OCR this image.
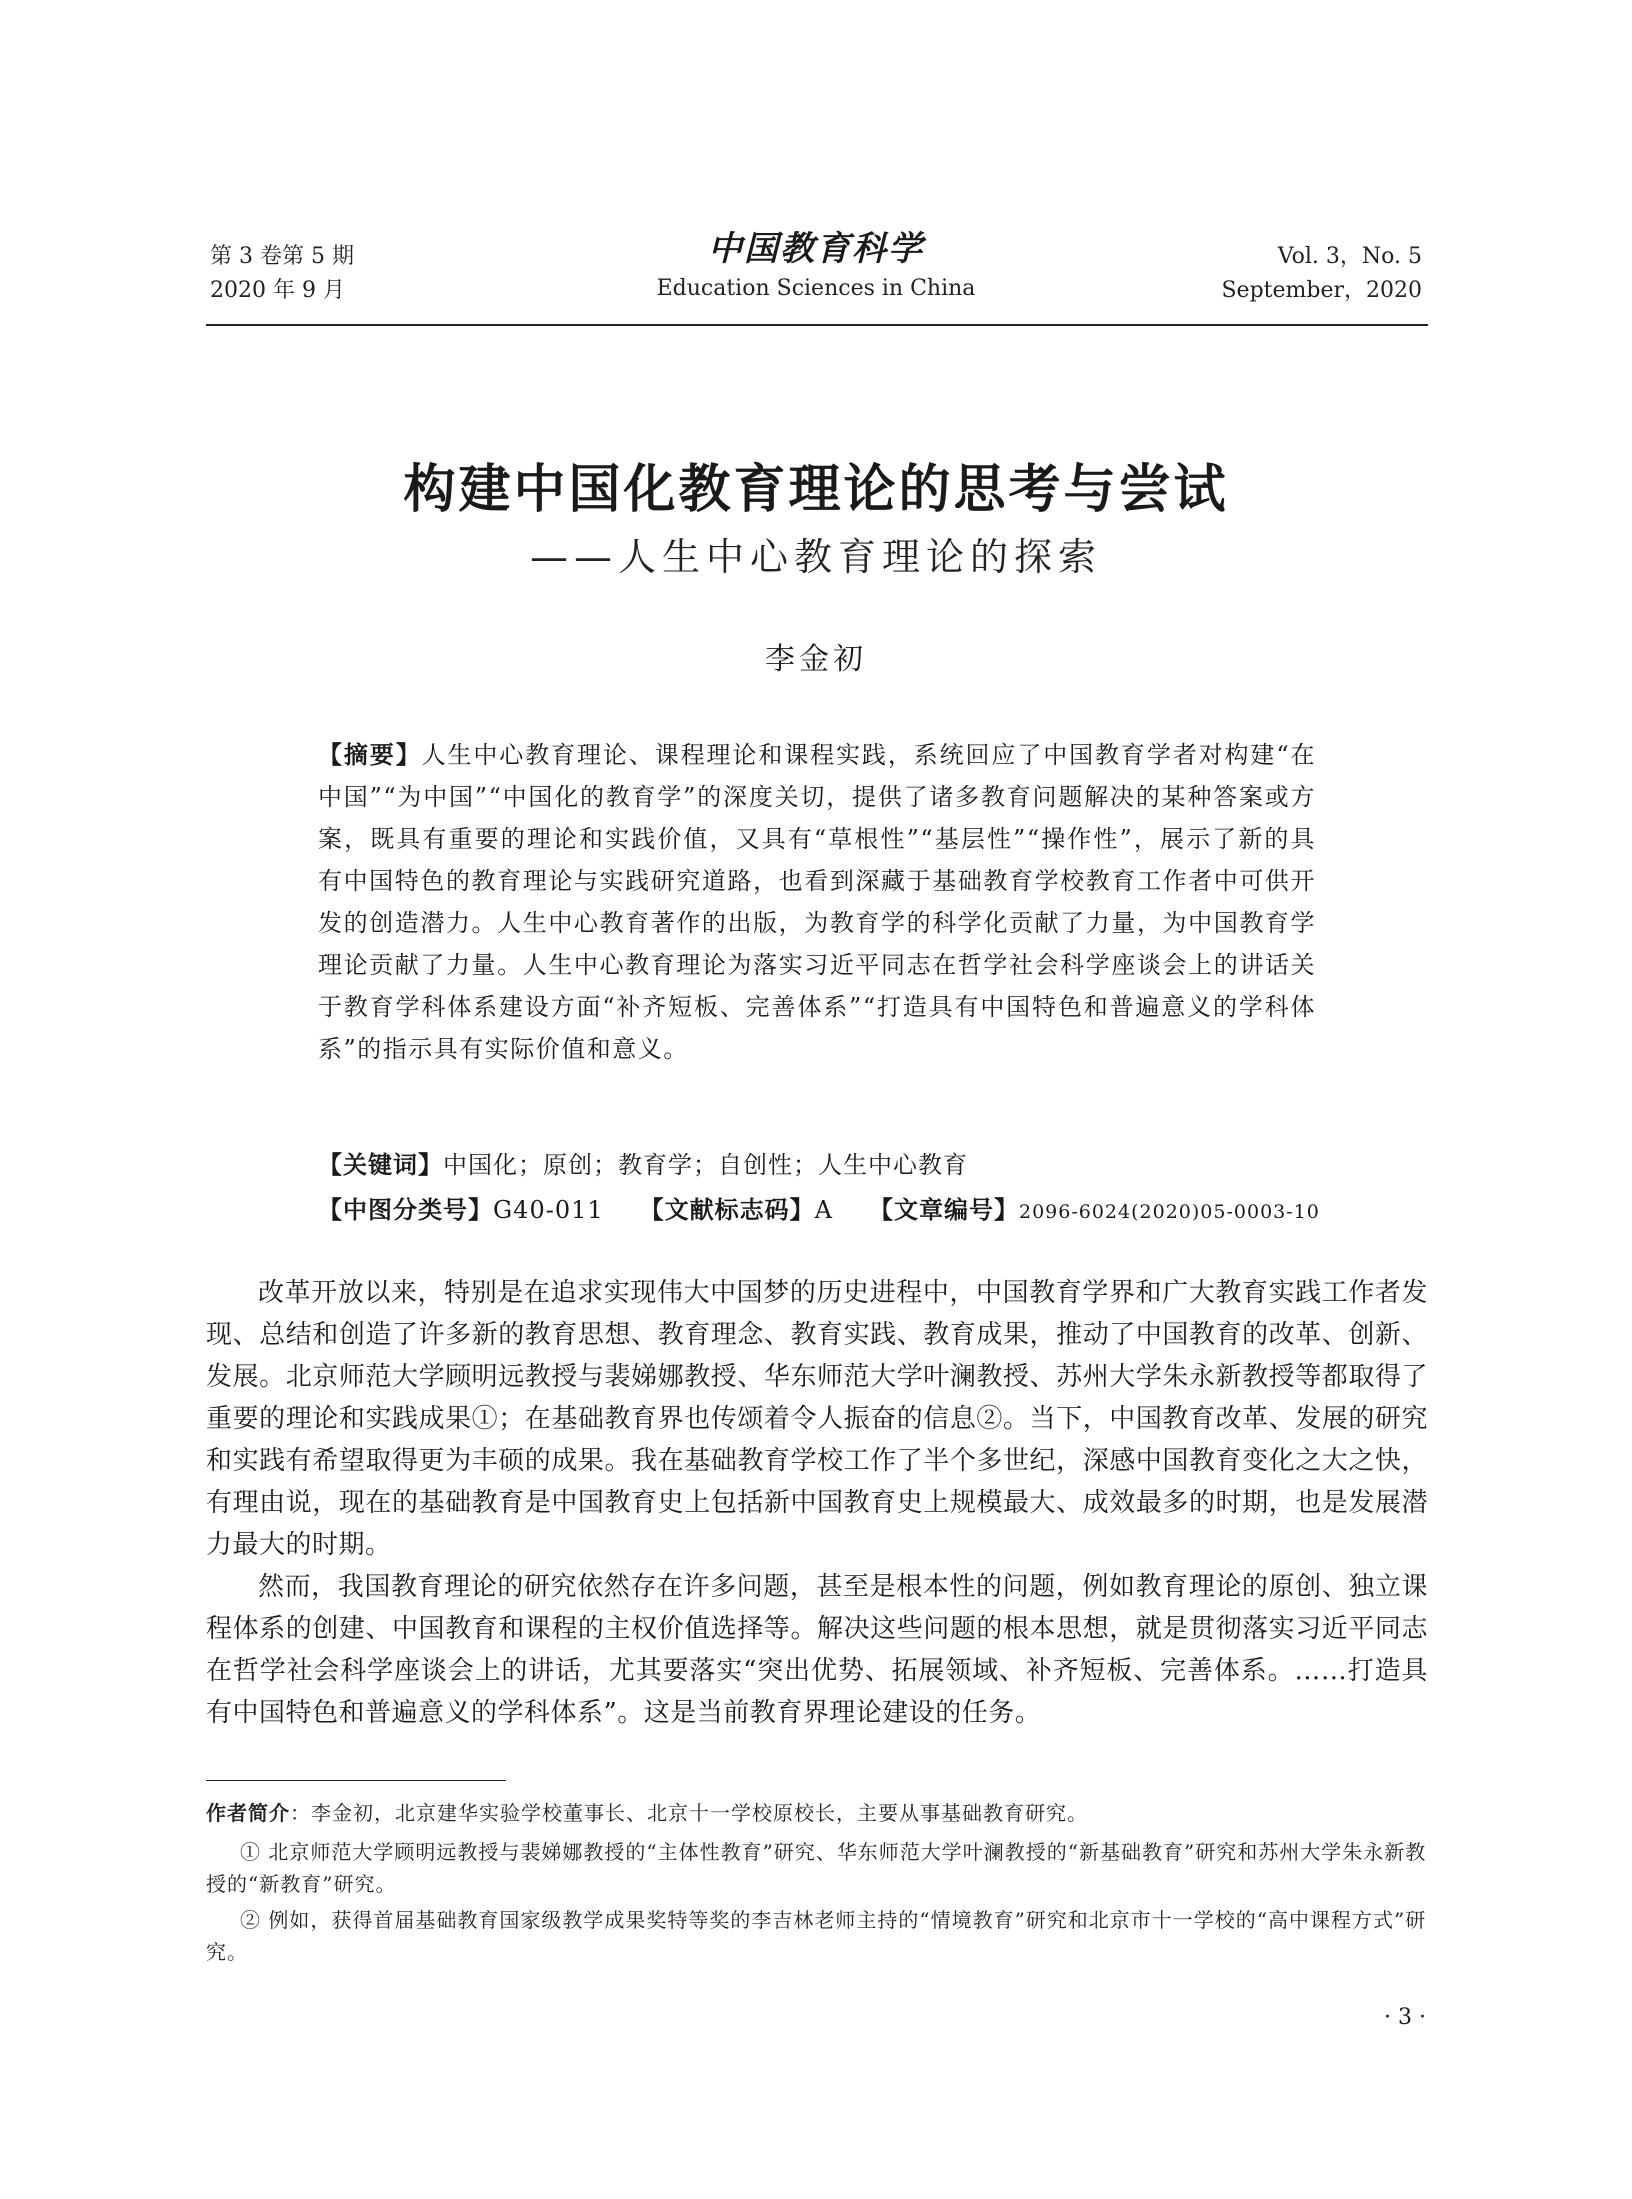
第 3 卷第 5 期
2020 年 9 月
中国教育科学
Education Sciences in China
Vol. 3，No. 5
September，2020
构建中国化教育理论的思考与尝试
——人生中心教育理论的探索
李金初
【摘要】人生中心教育理论、课程理论和课程实践，系统回应了中国教育学者对构建“在中国”“为中国”“中国化的教育学”的深度关切，提供了诸多教育问题解决的某种答案或方案，既具有重要的理论和实践价值，又具有“草根性”“基层性”“操作性”，展示了新的具有中国特色的教育理论与实践研究道路，也看到深藏于基础教育学校教育工作者中可供开发的创造潜力。人生中心教育著作的出版，为教育学的科学化贡献了力量，为中国教育学理论贡献了力量。人生中心教育理论为落实习近平同志在哲学社会科学座谈会上的讲话关于教育学科体系建设方面“补齐短板、完善体系”“打造具有中国特色和普遍意义的学科体系”的指示具有实际价值和意义。
【关键词】中国化；原创；教育学；自创性；人生中心教育
【中图分类号】G40-011 【文献标志码】A 【文章编号】2096-6024(2020)05-0003-10

改革开放以来，特别是在追求实现伟大中国梦的历史进程中，中国教育学界和广大教育实践工作者发现、总结和创造了许多新的教育思想、教育理念、教育实践、教育成果，推动了中国教育的改革、创新、发展。北京师范大学顾明远教授与裴娣娜教授、华东师范大学叶澜教授、苏州大学朱永新教授等都取得了重要的理论和实践成果①；在基础教育界也传颂着令人振奋的信息②。当下，中国教育改革、发展的研究和实践有希望取得更为丰硕的成果。我在基础教育学校工作了半个多世纪，深感中国教育变化之大之快，有理由说，现在的基础教育是中国教育史上包括新中国教育史上规模最大、成效最多的时期，也是发展潜力最大的时期。

然而，我国教育理论的研究依然存在许多问题，甚至是根本性的问题，例如教育理论的原创、独立课程体系的创建、中国教育和课程的主权价值选择等。解决这些问题的根本思想，就是贯彻落实习近平同志在哲学社会科学座谈会上的讲话，尤其要落实“突出优势、拓展领域、补齐短板、完善体系。……打造具有中国特色和普遍意义的学科体系”。这是当前教育界理论建设的任务。

作者简介：李金初，北京建华实验学校董事长、北京十一学校原校长，主要从事基础教育研究。
① 北京师范大学顾明远教授与裴娣娜教授的“主体性教育”研究、华东师范大学叶澜教授的“新基础教育”研究和苏州大学朱永新教授的“新教育”研究。
② 例如，获得首届基础教育国家级教学成果奖特等奖的李吉林老师主持的“情境教育”研究和北京市十一学校的“高中课程方式”研究。
· 3 ·
